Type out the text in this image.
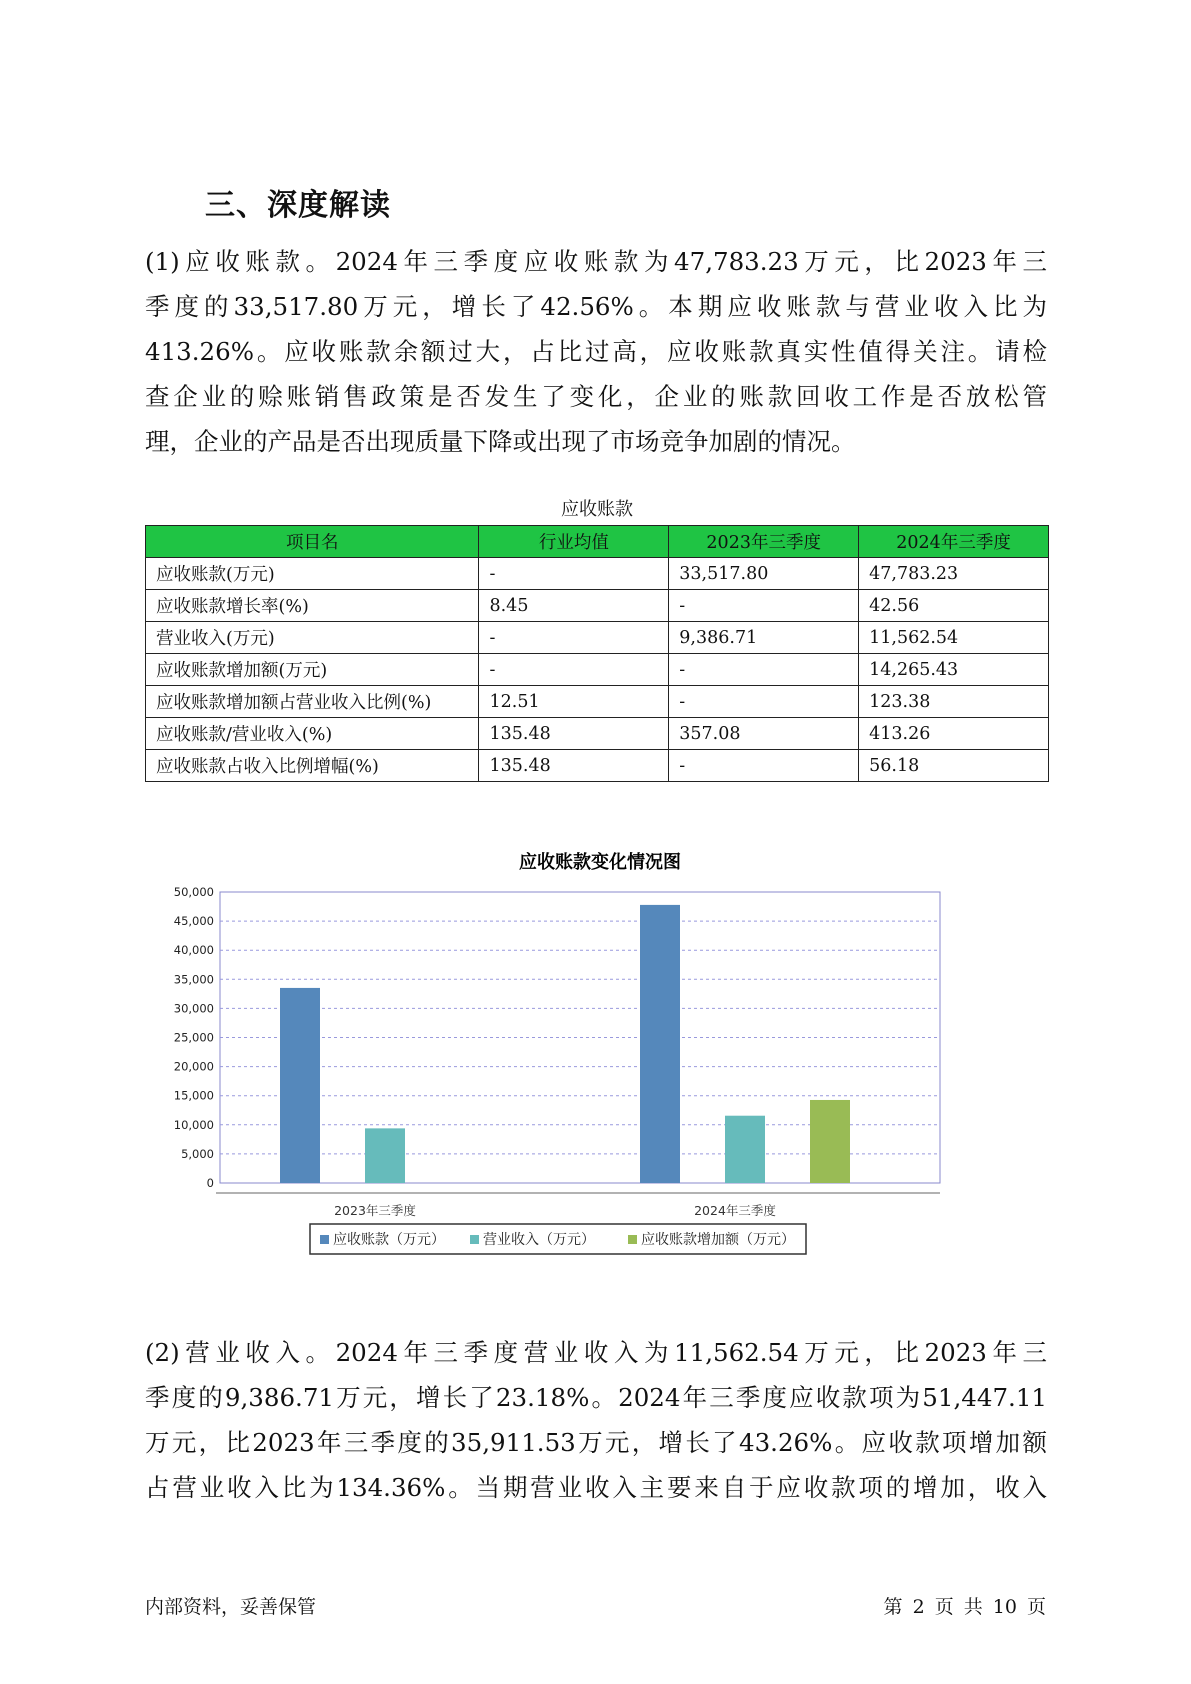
三、深度解读

(1)应收账款。2024年三季度应收账款为47,783.23万元，比2023年三
季度的33,517.80万元，增长了42.56%。本期应收账款与营业收入比为
413.26%。应收账款余额过大，占比过高，应收账款真实性值得关注。请检
查企业的赊账销售政策是否发生了变化，企业的账款回收工作是否放松管
理，企业的产品是否出现质量下降或出现了市场竞争加剧的情况。

应收账款
项目名	行业均值	2023年三季度	2024年三季度
应收账款(万元)	-	33,517.80	47,783.23
应收账款增长率(%)	8.45	-	42.56
营业收入(万元)	-	9,386.71	11,562.54
应收账款增加额(万元)	-	-	14,265.43
应收账款增加额占营业收入比例(%)	12.51	-	123.38
应收账款/营业收入(%)	135.48	357.08	413.26
应收账款占收入比例增幅(%)	135.48	-	56.18
应收账款变化情况图
0
5,000
10,000
15,000
20,000
25,000
30,000
35,000
40,000
45,000
50,000
2023年三季度	2024年三季度
应收账款（万元）	营业收入（万元）	应收账款增加额（万元）

(2)营业收入。2024年三季度营业收入为11,562.54万元，比2023年三
季度的9,386.71万元，增长了23.18%。2024年三季度应收款项为51,447.11
万元，比2023年三季度的35,911.53万元，增长了43.26%。应收款项增加额
占营业收入比为134.36%。当期营业收入主要来自于应收款项的增加，收入

内部资料，妥善保管	第 2 页 共 10 页
